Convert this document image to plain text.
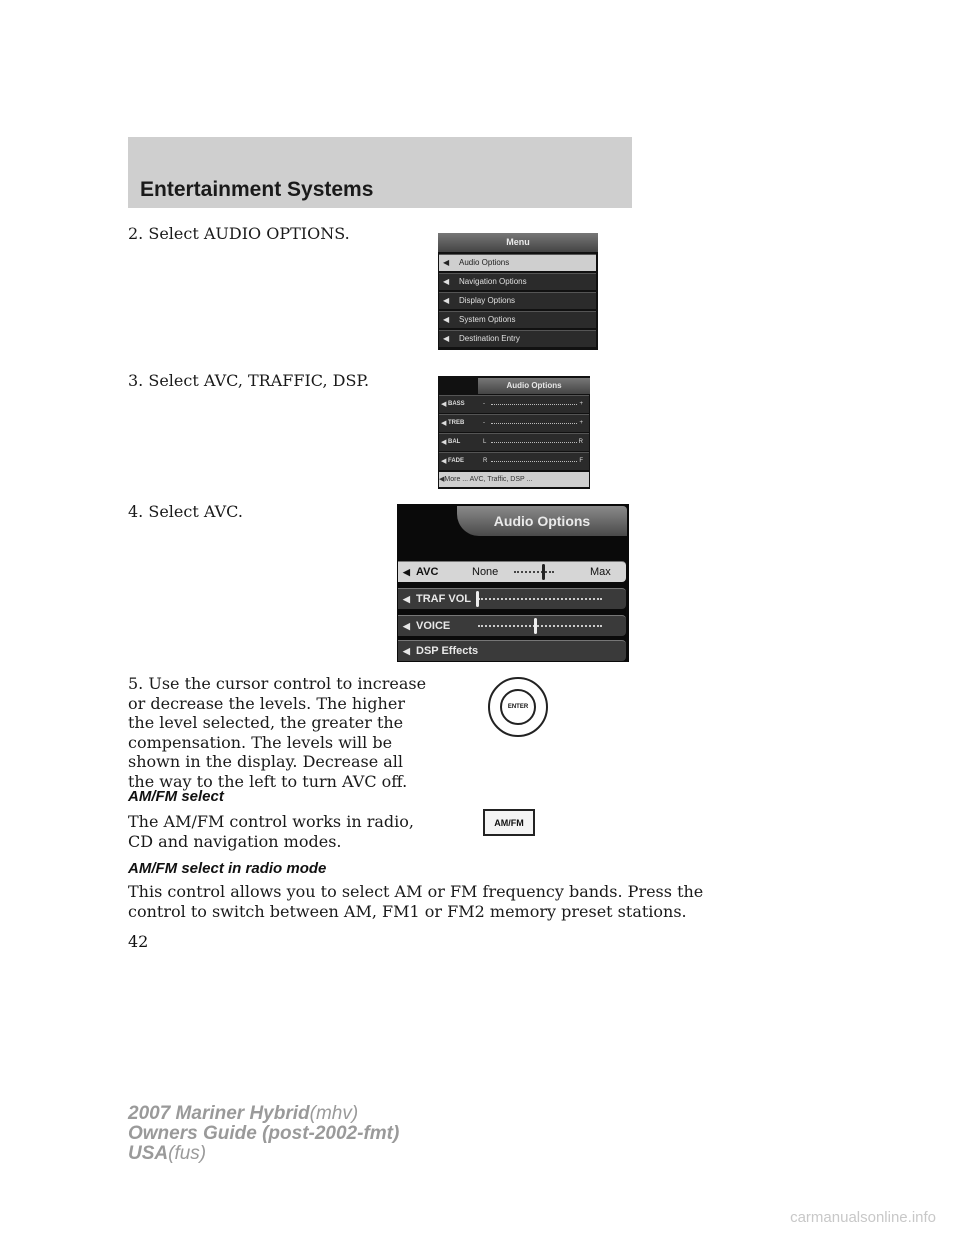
Entertainment Systems
2. Select AUDIO OPTIONS.	Menu
◀ Audio Options
◀ Navigation Options
◀ Display Options
◀ System Options
◀ Destination Entry
3. Select AVC, TRAFFIC, DSP.	Audio Options
◀ BASS	-	+
◀ TREB	-	+
◀ BAL	L	R
◀ FADE	R	F
◀More ... AVC, Traffic, DSP ...
4. Select AVC.	Audio Options
◀ AVC	None	Max
◀ TRAF VOL
◀ VOICE
◀ DSP Effects
5. Use the cursor control to increase
or decrease the levels. The higher
the level selected, the greater the
compensation. The levels will be
shown in the display. Decrease all
the way to the left to turn AVC off.
ENTER
AM/FM select
The AM/FM control works in radio,
CD and navigation modes.
AM/FM
AM/FM select in radio mode
This control allows you to select AM or FM frequency bands. Press the
control to switch between AM, FM1 or FM2 memory preset stations.
42
2007 Mariner Hybrid(mhv)
Owners Guide (post-2002-fmt)
USA(fus)
carmanualsonline.info
